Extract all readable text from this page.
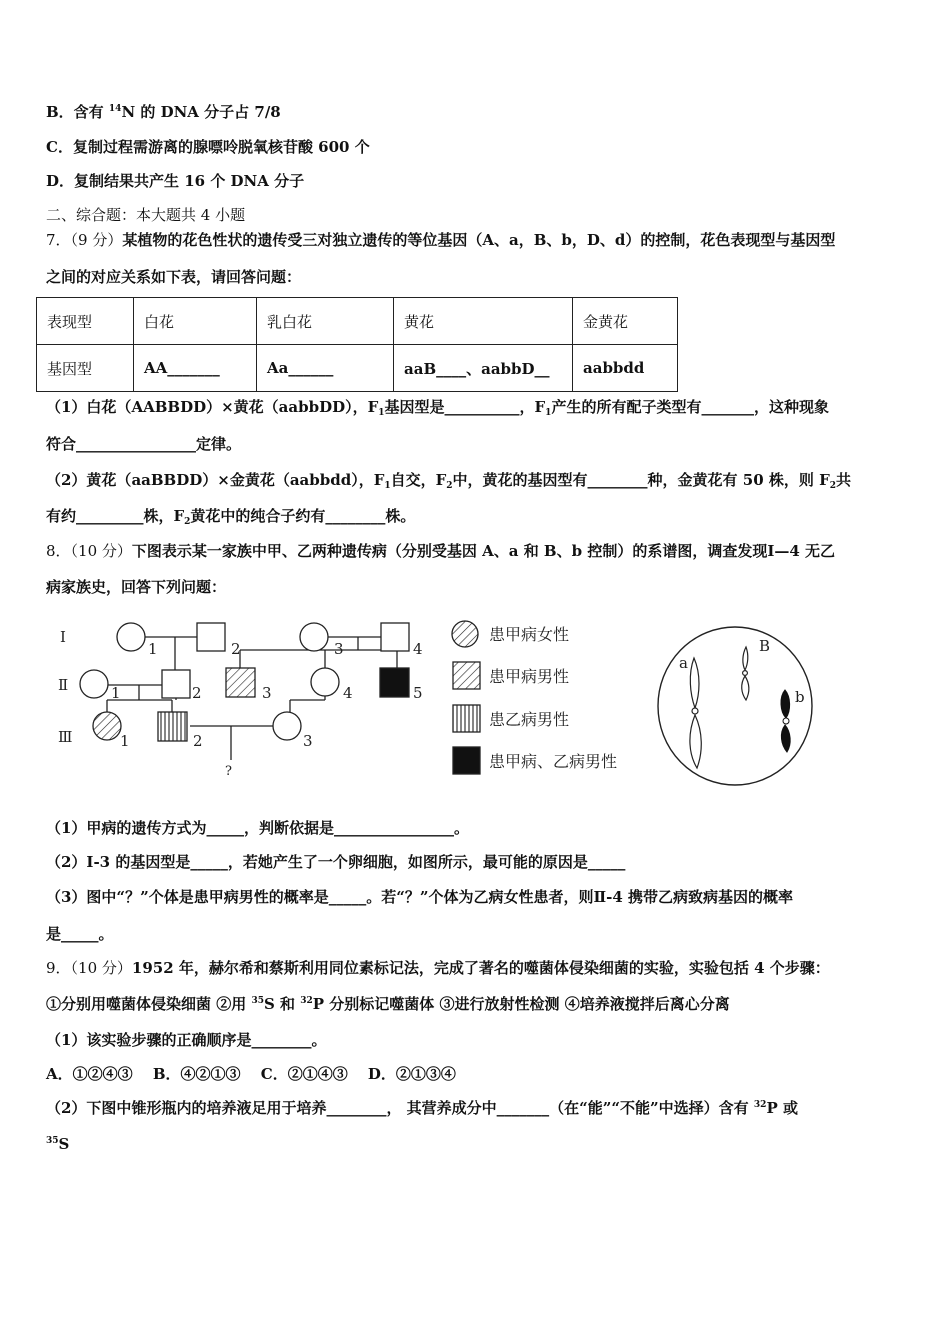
B．含有 $^{14}$N 的 DNA 分子占 7/8
C．复制过程需游离的腺嘌呤脱氧核苷酸 600 个
D．复制结果共产生 16 个 DNA 分子
二、综合题：本大题共 4 小题
7．（9 分）某植物的花色性状的遗传受三对独立遗传的等位基因（A、a，B、b，D、d）的控制，花色表现型与基因型
之间的对应关系如下表，请回答问题：
表现型	白花	乳白花	黄花	金黄花
基因型	AA_______	Aa______	aaB____、aabbD__	aabbdd
（1）白花（AABBDD）×黄花（aabbDD），$F_1$基因型是__________，$F_1$产生的所有配子类型有_______，这种现象
符合________________定律。
（2）黄花（aaBBDD）×金黄花（aabbdd），$F_1$自交，$F_2$中，黄花的基因型有________种，金黄花有 50 株，则 $F_2$共
有约_________株，$F_2$黄花中的纯合子约有________株。
8．（10 分）下图表示某一家族中甲、乙两种遗传病（分别受基因 A、a 和 B、b 控制）的系谱图，调查发现Ⅰ—4 无乙
病家族史，回答下列问题：
Ⅰ
Ⅱ
Ⅲ
1	2	3	4
1	2	3	4	5
1	2	3
?
患甲病女性
患甲病男性
患乙病男性
患甲病、乙病男性
a
B
b
（1）甲病的遗传方式为_____，判断依据是________________。
（2）Ⅰ-3 的基因型是_____，若她产生了一个卵细胞，如图所示，最可能的原因是_____
（3）图中“？”个体是患甲病男性的概率是_____。若“？”个体为乙病女性患者，则Ⅱ-4 携带乙病致病基因的概率
是_____。
9．（10 分）1952 年，赫尔希和蔡斯利用同位素标记法，完成了著名的噬菌体侵染细菌的实验，实验包括 4 个步骤：
①分别用噬菌体侵染细菌 ②用 $^{35}$S 和 $^{32}$P 分别标记噬菌体 ③进行放射性检测 ④培养液搅拌后离心分离
（1）该实验步骤的正确顺序是________。
A．①②④③　 B．④②①③　 C．②①④③　 D．②①③④
（2）下图中锥形瓶内的培养液足用于培养________， 其营养成分中_______（在“能”“不能”中选择）含有 $^{32}$P 或
$^{35}$S
